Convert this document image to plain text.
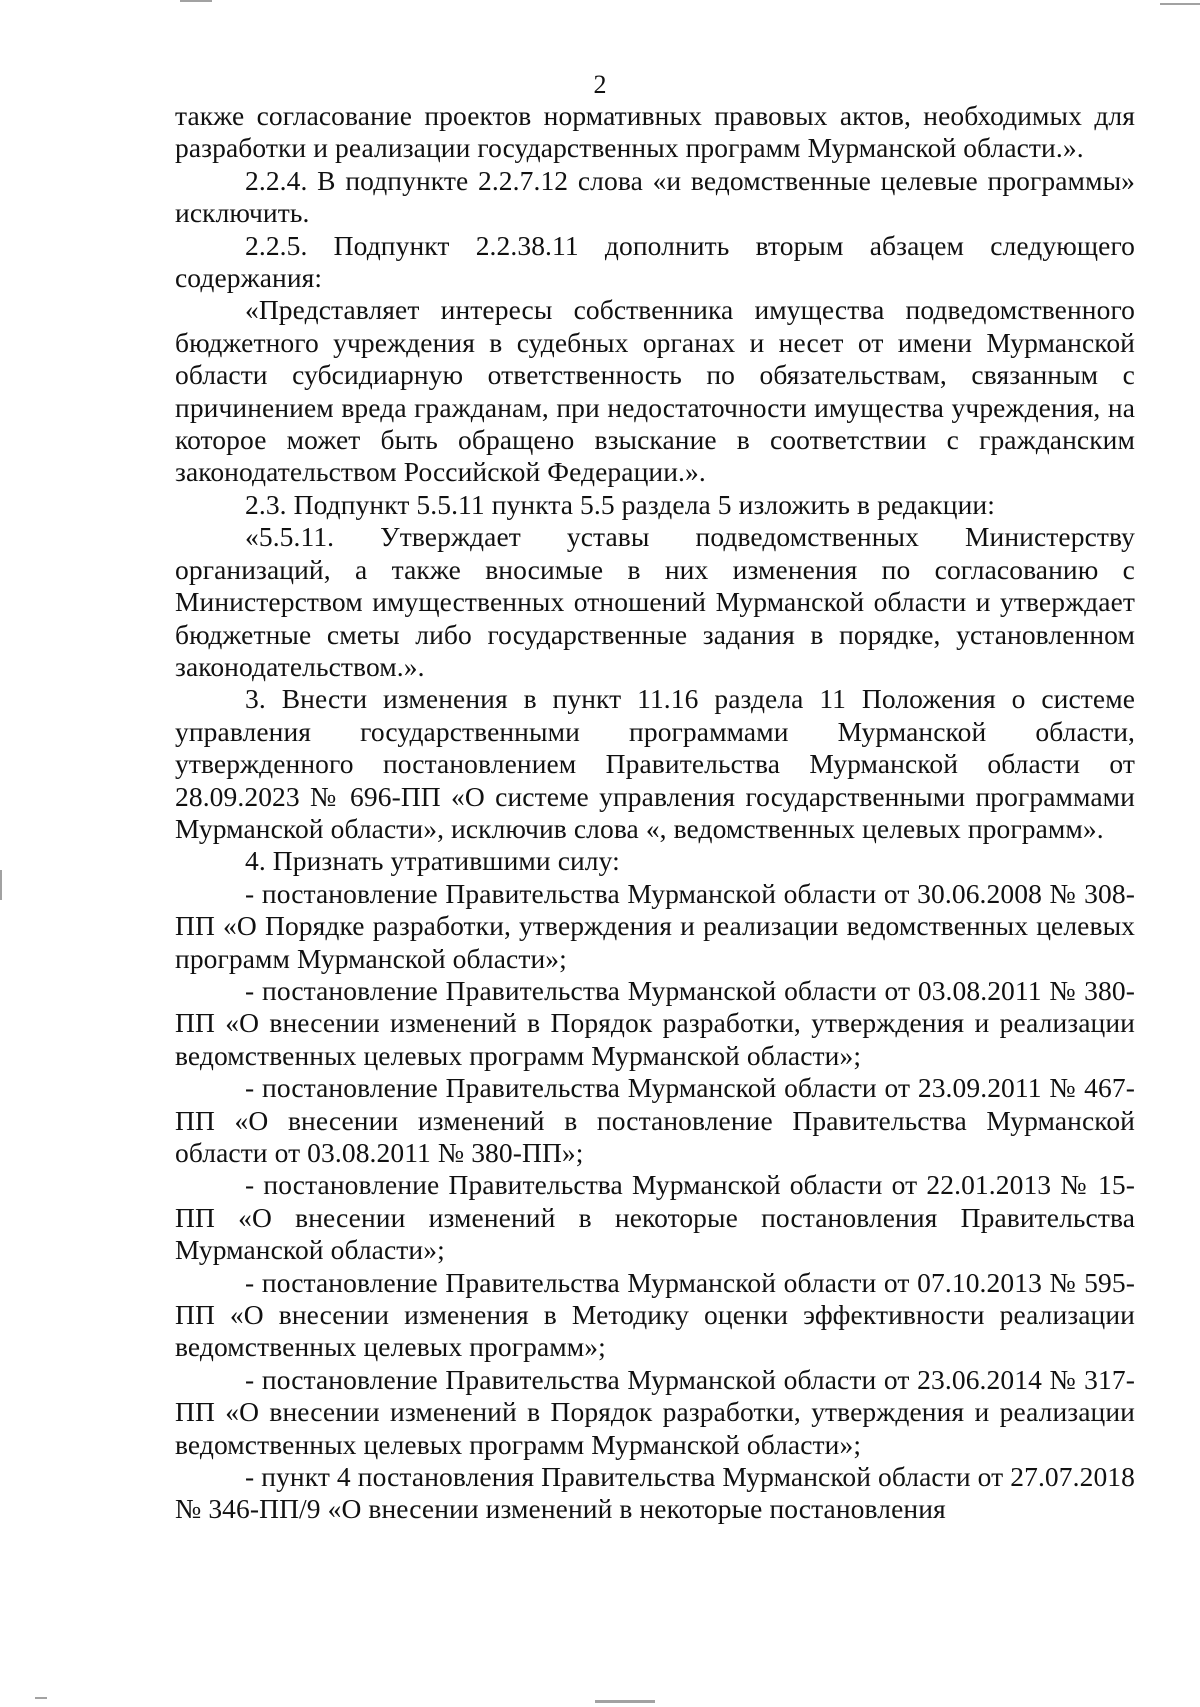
2

также согласование проектов нормативных правовых актов, необходимых для разработки и реализации государственных программ Мурманской области.».

2.2.4. В подпункте 2.2.7.12 слова «и ведомственные целевые программы» исключить.

2.2.5. Подпункт 2.2.38.11 дополнить вторым абзацем следующего содержания:

«Представляет интересы собственника имущества подведомственного бюджетного учреждения в судебных органах и несет от имени Мурманской области субсидиарную ответственность по обязательствам, связанным с причинением вреда гражданам, при недостаточности имущества учреждения, на которое может быть обращено взыскание в соответствии с гражданским законодательством Российской Федерации.».

2.3. Подпункт 5.5.11 пункта 5.5 раздела 5 изложить в редакции:

«5.5.11. Утверждает уставы подведомственных Министерству организаций, а также вносимые в них изменения по согласованию с Министерством имущественных отношений Мурманской области и утверждает бюджетные сметы либо государственные задания в порядке, установленном законодательством.».

3. Внести изменения в пункт 11.16 раздела 11 Положения о системе управления государственными программами Мурманской области, утвержденного постановлением Правительства Мурманской области от 28.09.2023 № 696-ПП «О системе управления государственными программами Мурманской области», исключив слова «, ведомственных целевых программ».

4. Признать утратившими силу:

- постановление Правительства Мурманской области от 30.06.2008 № 308-ПП «О Порядке разработки, утверждения и реализации ведомственных целевых программ Мурманской области»;

- постановление Правительства Мурманской области от 03.08.2011 № 380-ПП «О внесении изменений в Порядок разработки, утверждения и реализации ведомственных целевых программ Мурманской области»;

- постановление Правительства Мурманской области от 23.09.2011 № 467-ПП «О внесении изменений в постановление Правительства Мурманской области от 03.08.2011 № 380-ПП»;

- постановление Правительства Мурманской области от 22.01.2013 № 15-ПП «О внесении изменений в некоторые постановления Правительства Мурманской области»;

- постановление Правительства Мурманской области от 07.10.2013 № 595-ПП «О внесении изменения в Методику оценки эффективности реализации ведомственных целевых программ»;

- постановление Правительства Мурманской области от 23.06.2014 № 317-ПП «О внесении изменений в Порядок разработки, утверждения и реализации ведомственных целевых программ Мурманской области»;

- пункт 4 постановления Правительства Мурманской области от 27.07.2018 № 346-ПП/9 «О внесении изменений в некоторые постановления
